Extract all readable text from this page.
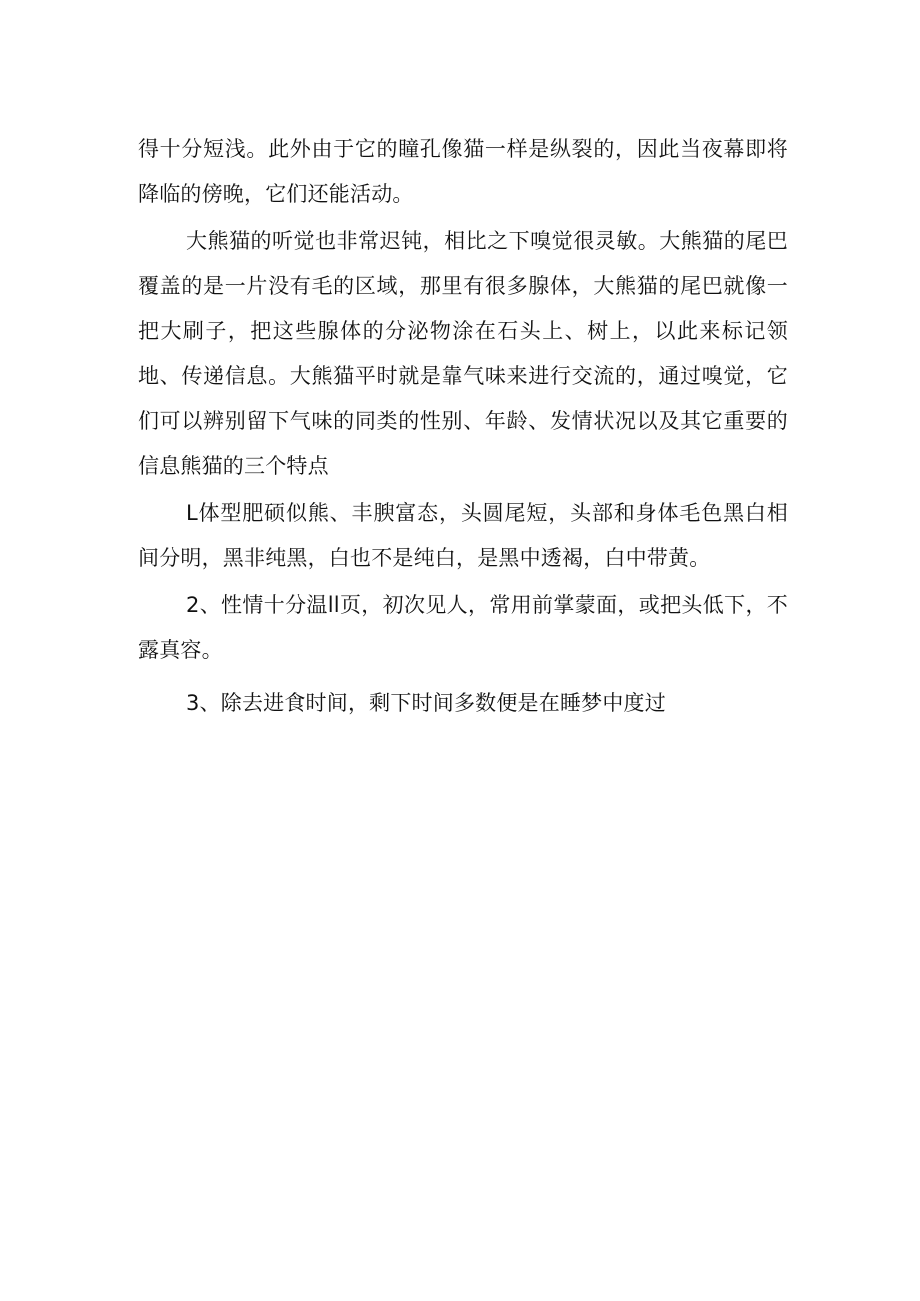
得十分短浅。此外由于它的瞳孔像猫一样是纵裂的，因此当夜幕即将降临的傍晚，它们还能活动。

大熊猫的听觉也非常迟钝，相比之下嗅觉很灵敏。大熊猫的尾巴覆盖的是一片没有毛的区域，那里有很多腺体，大熊猫的尾巴就像一把大刷子，把这些腺体的分泌物涂在石头上、树上，以此来标记领地、传递信息。大熊猫平时就是靠气味来进行交流的，通过嗅觉，它们可以辨别留下气味的同类的性别、年龄、发情状况以及其它重要的信息熊猫的三个特点

L体型肥硕似熊、丰腴富态，头圆尾短，头部和身体毛色黑白相间分明，黑非纯黑，白也不是纯白，是黑中透褐，白中带黄。

2、性情十分温ll页，初次见人，常用前掌蒙面，或把头低下，不露真容。

3、除去进食时间，剩下时间多数便是在睡梦中度过
